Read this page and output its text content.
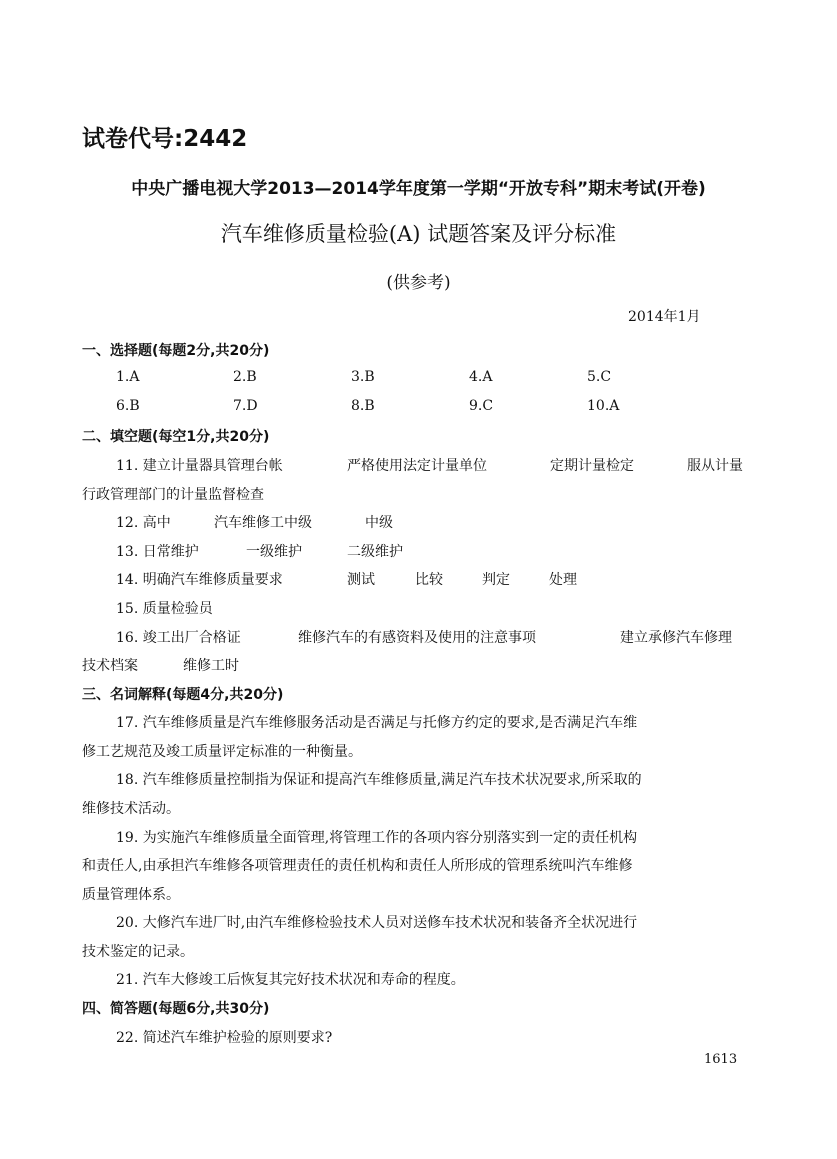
试卷代号:2442
中央广播电视大学2013—2014学年度第一学期“开放专科”期末考试(开卷)
汽车维修质量检验(A) 试题答案及评分标准
(供参考)
2014年1月
一、选择题(每题2分,共20分)
1.A	2.B	3.B	4.A	5.C
6.B	7.D	8.B	9.C	10.A
二、填空题(每空1分,共20分)
11. 建立计量器具管理台帐	严格使用法定计量单位	定期计量检定	服从计量
行政管理部门的计量监督检查
12. 高中	汽车维修工中级	中级
13. 日常维护	一级维护	二级维护
14. 明确汽车维修质量要求	测试	比较	判定	处理
15. 质量检验员
16. 竣工出厂合格证	维修汽车的有感资料及使用的注意事项	建立承修汽车修理
技术档案	维修工时
三、名词解释(每题4分,共20分)
17. 汽车维修质量是汽车维修服务活动是否满足与托修方约定的要求,是否满足汽车维
修工艺规范及竣工质量评定标准的一种衡量。
18. 汽车维修质量控制指为保证和提高汽车维修质量,满足汽车技术状况要求,所采取的
维修技术活动。
19. 为实施汽车维修质量全面管理,将管理工作的各项内容分别落实到一定的责任机构
和责任人,由承担汽车维修各项管理责任的责任机构和责任人所形成的管理系统叫汽车维修
质量管理体系。
20. 大修汽车进厂时,由汽车维修检验技术人员对送修车技术状况和装备齐全状况进行
技术鉴定的记录。
21. 汽车大修竣工后恢复其完好技术状况和寿命的程度。
四、简答题(每题6分,共30分)
22. 简述汽车维护检验的原则要求?
1613
